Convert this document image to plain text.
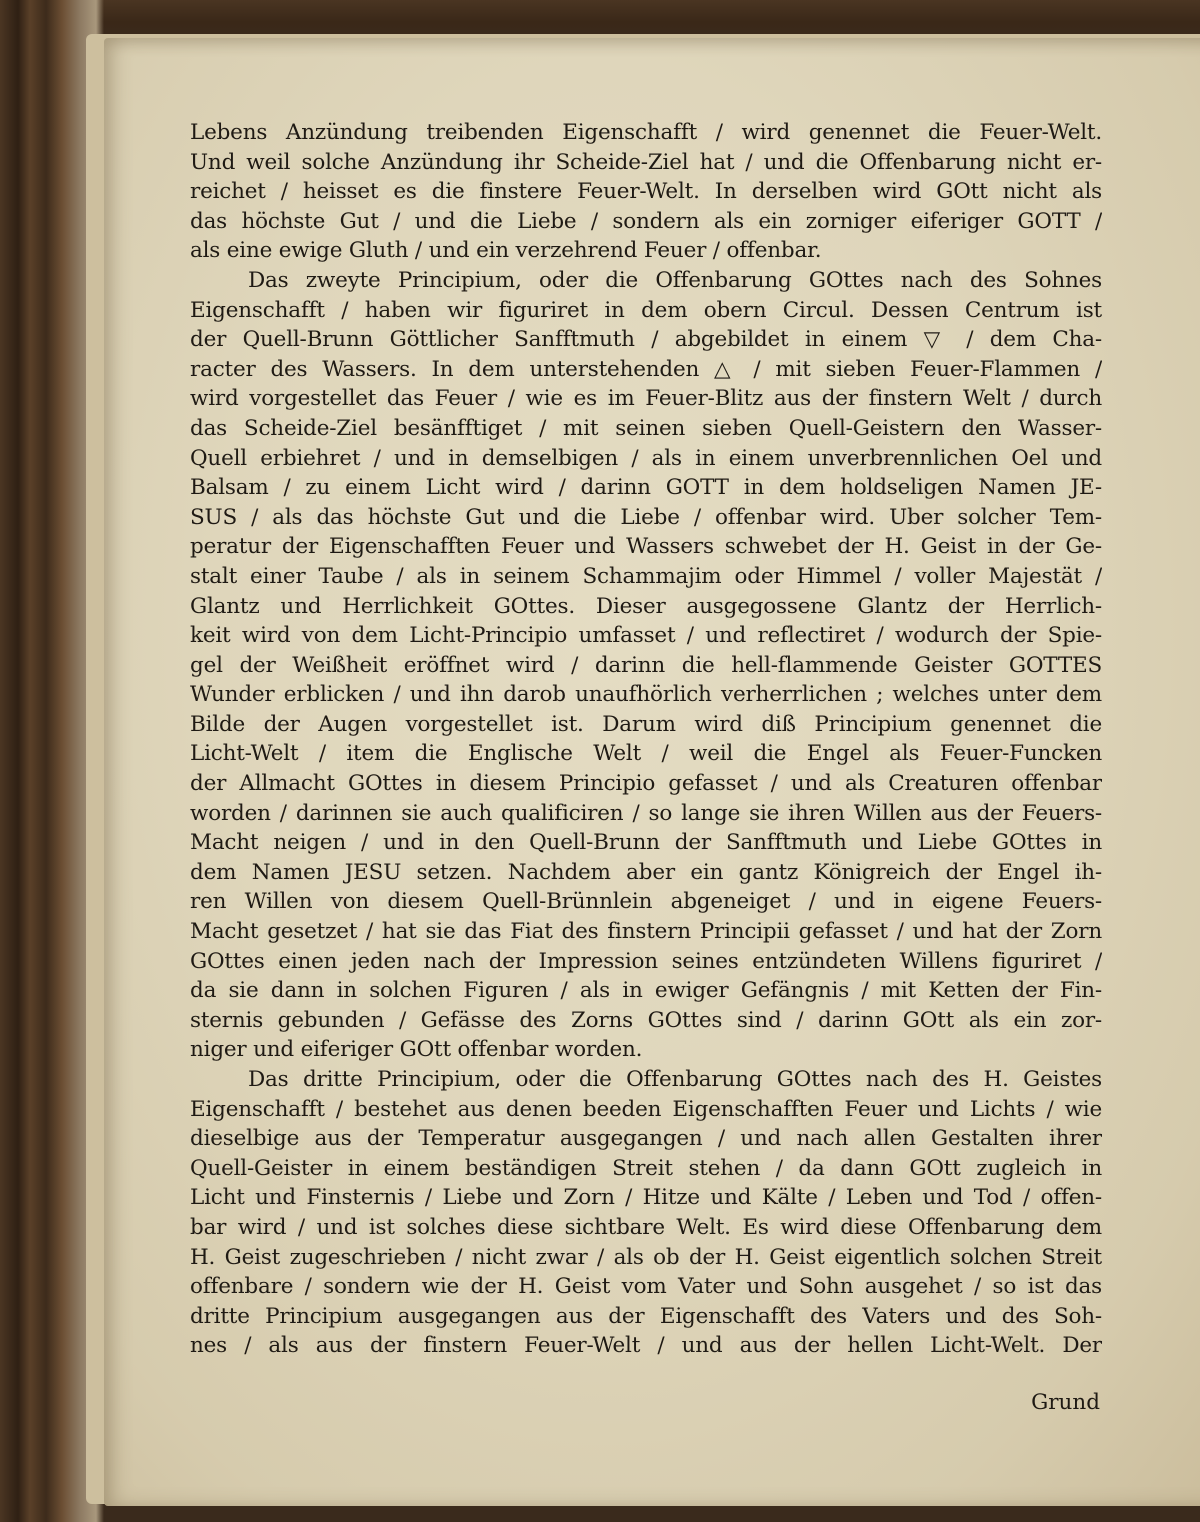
Lebens Anzündung treibenden Eigenschafft / wird genennet die Feuer-Welt.
Und weil solche Anzündung ihr Scheide-Ziel hat / und die Offenbarung nicht er-
reichet / heisset es die finstere Feuer-Welt. In derselben wird GOtt nicht als
das höchste Gut / und die Liebe / sondern als ein zorniger eiferiger GOTT /
als eine ewige Gluth / und ein verzehrend Feuer / offenbar.
Das zweyte Principium, oder die Offenbarung GOttes nach des Sohnes
Eigenschafft / haben wir figuriret in dem obern Circul. Dessen Centrum ist
der Quell-Brunn Göttlicher Sanfftmuth / abgebildet in einem ▽ / dem Cha-
racter des Wassers. In dem unterstehenden △ / mit sieben Feuer-Flammen /
wird vorgestellet das Feuer / wie es im Feuer-Blitz aus der finstern Welt / durch
das Scheide-Ziel besänfftiget / mit seinen sieben Quell-Geistern den Wasser-
Quell erbiehret / und in demselbigen / als in einem unverbrennlichen Oel und
Balsam / zu einem Licht wird / darinn GOTT in dem holdseligen Namen JE-
SUS / als das höchste Gut und die Liebe / offenbar wird. Uber solcher Tem-
peratur der Eigenschafften Feuer und Wassers schwebet der H. Geist in der Ge-
stalt einer Taube / als in seinem Schammajim oder Himmel / voller Majestät /
Glantz und Herrlichkeit GOttes. Dieser ausgegossene Glantz der Herrlich-
keit wird von dem Licht-Principio umfasset / und reflectiret / wodurch der Spie-
gel der Weißheit eröffnet wird / darinn die hell-flammende Geister GOTTES
Wunder erblicken / und ihn darob unaufhörlich verherrlichen ; welches unter dem
Bilde der Augen vorgestellet ist. Darum wird diß Principium genennet die
Licht-Welt / item die Englische Welt / weil die Engel als Feuer-Funcken
der Allmacht GOttes in diesem Principio gefasset / und als Creaturen offenbar
worden / darinnen sie auch qualificiren / so lange sie ihren Willen aus der Feuers-
Macht neigen / und in den Quell-Brunn der Sanfftmuth und Liebe GOttes in
dem Namen JESU setzen. Nachdem aber ein gantz Königreich der Engel ih-
ren Willen von diesem Quell-Brünnlein abgeneiget / und in eigene Feuers-
Macht gesetzet / hat sie das Fiat des finstern Principii gefasset / und hat der Zorn
GOttes einen jeden nach der Impression seines entzündeten Willens figuriret /
da sie dann in solchen Figuren / als in ewiger Gefängnis / mit Ketten der Fin-
sternis gebunden / Gefässe des Zorns GOttes sind / darinn GOtt als ein zor-
niger und eiferiger GOtt offenbar worden.
Das dritte Principium, oder die Offenbarung GOttes nach des H. Geistes
Eigenschafft / bestehet aus denen beeden Eigenschafften Feuer und Lichts / wie
dieselbige aus der Temperatur ausgegangen / und nach allen Gestalten ihrer
Quell-Geister in einem beständigen Streit stehen / da dann GOtt zugleich in
Licht und Finsternis / Liebe und Zorn / Hitze und Kälte / Leben und Tod / offen-
bar wird / und ist solches diese sichtbare Welt. Es wird diese Offenbarung dem
H. Geist zugeschrieben / nicht zwar / als ob der H. Geist eigentlich solchen Streit
offenbare / sondern wie der H. Geist vom Vater und Sohn ausgehet / so ist das
dritte Principium ausgegangen aus der Eigenschafft des Vaters und des Soh-
nes / als aus der finstern Feuer-Welt / und aus der hellen Licht-Welt. Der
Grund
